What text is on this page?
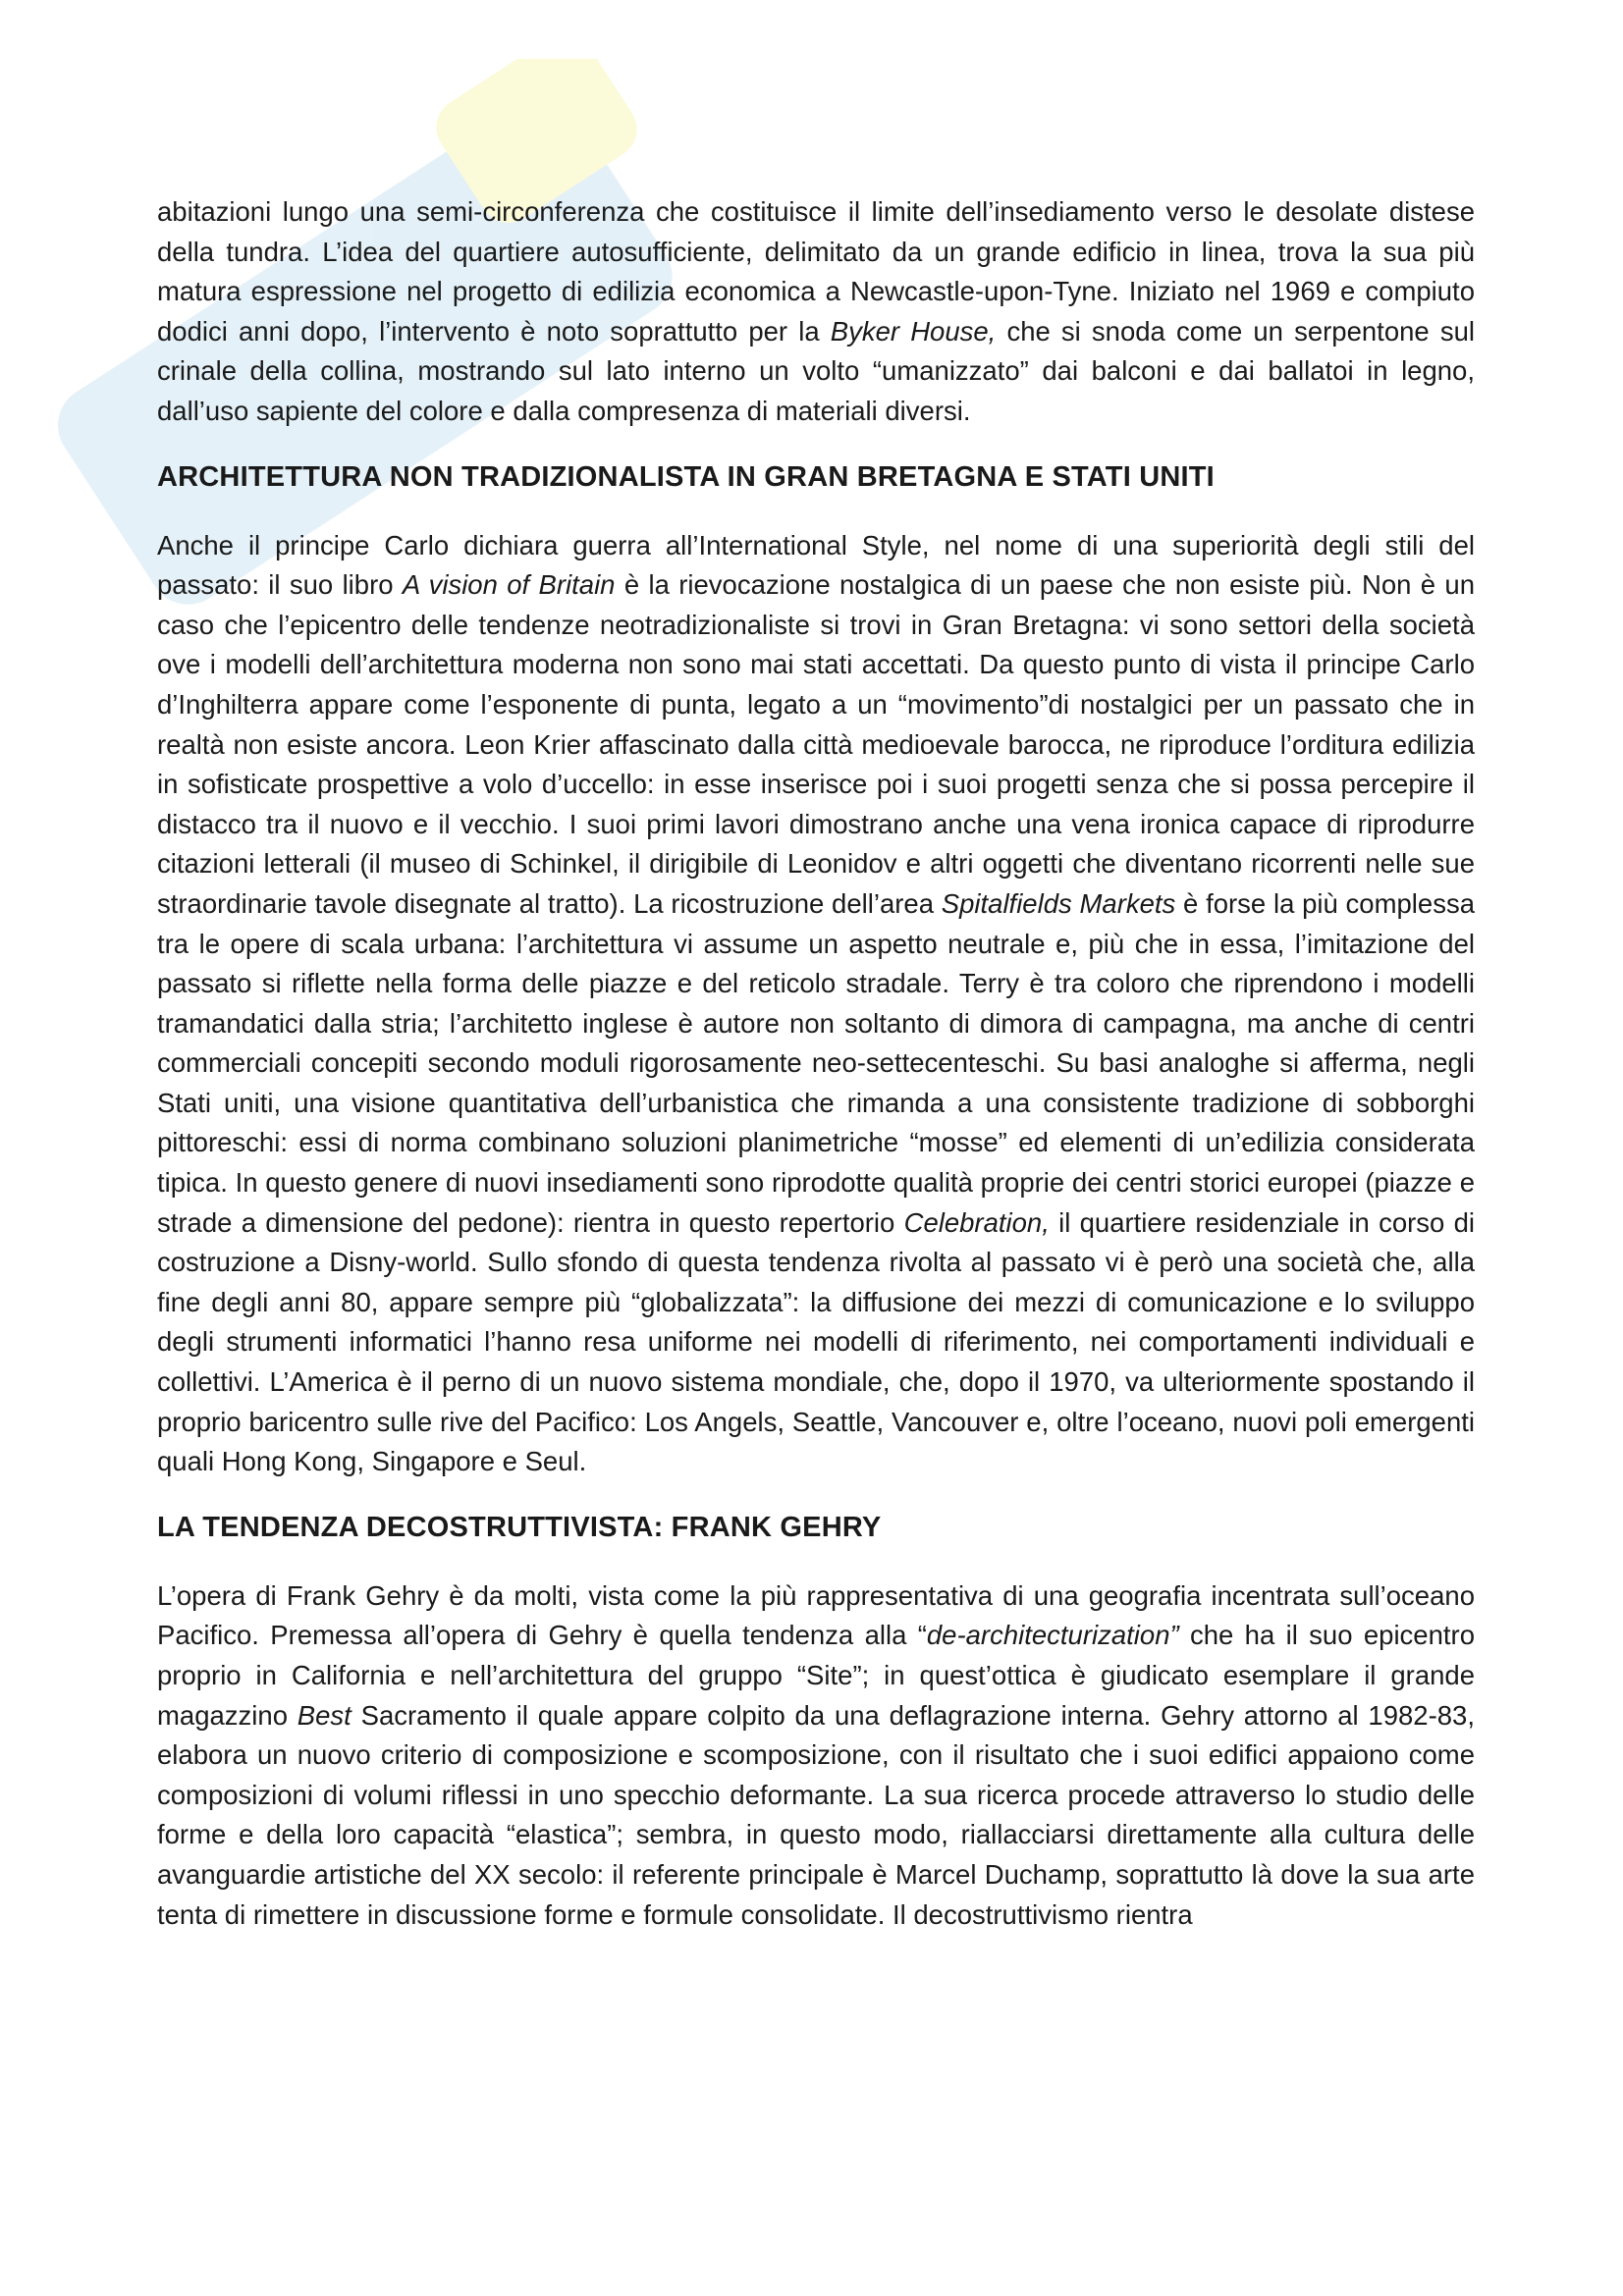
abitazioni lungo una semi-circonferenza che costituisce il limite dell’insediamento verso le desolate distese della tundra. L’idea del quartiere autosufficiente, delimitato da un grande edificio in linea, trova la sua più matura espressione nel progetto di edilizia economica a Newcastle-upon-Tyne. Iniziato nel 1969 e compiuto dodici anni dopo, l’intervento è noto soprattutto per la Byker House, che si snoda come un serpentone sul crinale della collina, mostrando sul lato interno un volto “umanizzato” dai balconi e dai ballatoi in legno, dall’uso sapiente del colore e dalla compresenza di materiali diversi.

ARCHITETTURA NON TRADIZIONALISTA IN GRAN BRETAGNA E STATI UNITI

Anche il principe Carlo dichiara guerra all’International Style, nel nome di una superiorità degli stili del passato: il suo libro A vision of Britain è la rievocazione nostalgica di un paese che non esiste più. Non è un caso che l’epicentro delle tendenze neotradizionaliste si trovi in Gran Bretagna: vi sono settori della società ove i modelli dell’architettura moderna non sono mai stati accettati. Da questo punto di vista il principe Carlo d’Inghilterra appare come l’esponente di punta, legato a un “movimento”di nostalgici per un passato che in realtà non esiste ancora. Leon Krier affascinato dalla città medioevale barocca, ne riproduce l’orditura edilizia in sofisticate prospettive a volo d’uccello: in esse inserisce poi i suoi progetti senza che si possa percepire il distacco tra il nuovo e il vecchio. I suoi primi lavori dimostrano anche una vena ironica capace di riprodurre citazioni letterali (il museo di Schinkel, il dirigibile di Leonidov e altri oggetti che diventano ricorrenti nelle sue straordinarie tavole disegnate al tratto). La ricostruzione dell’area Spitalfields Markets è forse la più complessa tra le opere di scala urbana: l’architettura vi assume un aspetto neutrale e, più che in essa, l’imitazione del passato si riflette nella forma delle piazze e del reticolo stradale. Terry è tra coloro che riprendono i modelli tramandatici dalla stria; l’architetto inglese è autore non soltanto di dimora di campagna, ma anche di centri commerciali concepiti secondo moduli rigorosamente neo-settecenteschi. Su basi analoghe si afferma, negli Stati uniti, una visione quantitativa dell’urbanistica che rimanda a una consistente tradizione di sobborghi pittoreschi: essi di norma combinano soluzioni planimetriche “mosse” ed elementi di un’edilizia considerata tipica. In questo genere di nuovi insediamenti sono riprodotte qualità proprie dei centri storici europei (piazze e strade a dimensione del pedone): rientra in questo repertorio Celebration, il quartiere residenziale in corso di costruzione a Disny-world. Sullo sfondo di questa tendenza rivolta al passato vi è però una società che, alla fine degli anni 80, appare sempre più “globalizzata”: la diffusione dei mezzi di comunicazione e lo sviluppo degli strumenti informatici l’hanno resa uniforme nei modelli di riferimento, nei comportamenti individuali e collettivi. L’America è il perno di un nuovo sistema mondiale, che, dopo il 1970, va ulteriormente spostando il proprio baricentro sulle rive del Pacifico: Los Angels, Seattle, Vancouver e, oltre l’oceano, nuovi poli emergenti quali Hong Kong, Singapore e Seul.

LA TENDENZA DECOSTRUTTIVISTA: FRANK GEHRY

L’opera di Frank Gehry è da molti, vista come la più rappresentativa di una geografia incentrata sull’oceano Pacifico. Premessa all’opera di Gehry è quella tendenza alla “de-architecturization” che ha il suo epicentro proprio in California e nell’architettura del gruppo “Site”; in quest’ottica è giudicato esemplare il grande magazzino Best Sacramento il quale appare colpito da una deflagrazione interna. Gehry attorno al 1982-83, elabora un nuovo criterio di composizione e scomposizione, con il risultato che i suoi edifici appaiono come composizioni di volumi riflessi in uno specchio deformante. La sua ricerca procede attraverso lo studio delle forme e della loro capacità “elastica”; sembra, in questo modo, riallacciarsi direttamente alla cultura delle avanguardie artistiche del XX secolo: il referente principale è Marcel Duchamp, soprattutto là dove la sua arte tenta di rimettere in discussione forme e formule consolidate. Il decostruttivismo rientra
